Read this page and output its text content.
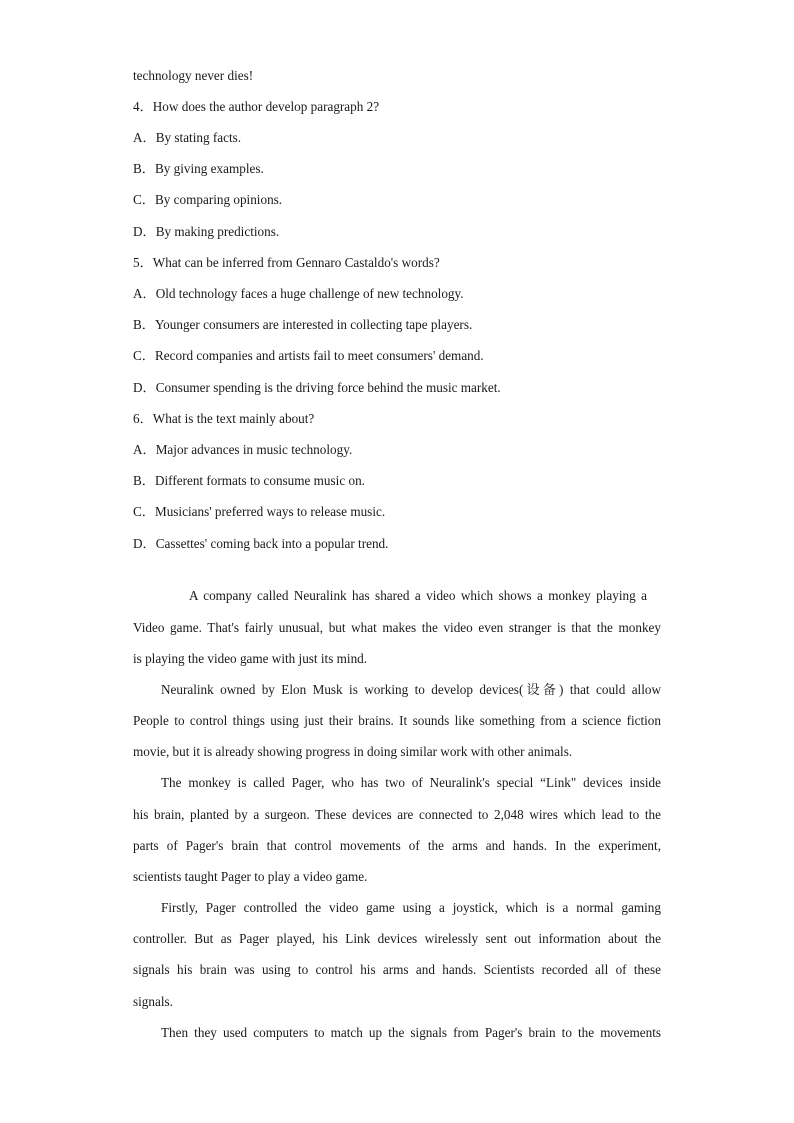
technology never dies!
4．How does the author develop paragraph 2?
A．By stating facts.
B．By giving examples.
C．By comparing opinions.
D．By making predictions.
5．What can be inferred from Gennaro Castaldo's words?
A．Old technology faces a huge challenge of new technology.
B．Younger consumers are interested in collecting tape players.
C．Record companies and artists fail to meet consumers' demand.
D．Consumer spending is the driving force behind the music market.
6．What is the text mainly about?
A．Major advances in music technology.
B．Different formats to consume music on.
C．Musicians' preferred ways to release music.
D．Cassettes' coming back into a popular trend.
A company called Neuralink has shared a video which shows a monkey playing a
Video game. That's fairly unusual, but what makes the video even stranger is that the monkey
is playing the video game with just its mind.
Neuralink owned by Elon Musk is working to develop devices(设备) that could allow
People to control things using just their brains. It sounds like something from a science fiction
movie, but it is already showing progress in doing similar work with other animals.
The monkey is called Pager, who has two of Neuralink's special “Link" devices inside
his brain, planted by a surgeon. These devices are connected to 2,048 wires which lead to the
parts of Pager's brain that control movements of the arms and hands. In the experiment,
scientists taught Pager to play a video game.
Firstly, Pager controlled the video game using a joystick, which is a normal gaming
controller. But as Pager played, his Link devices wirelessly sent out information about the
signals his brain was using to control his arms and hands. Scientists recorded all of these
signals.
Then they used computers to match up the signals from Pager's brain to the movements
